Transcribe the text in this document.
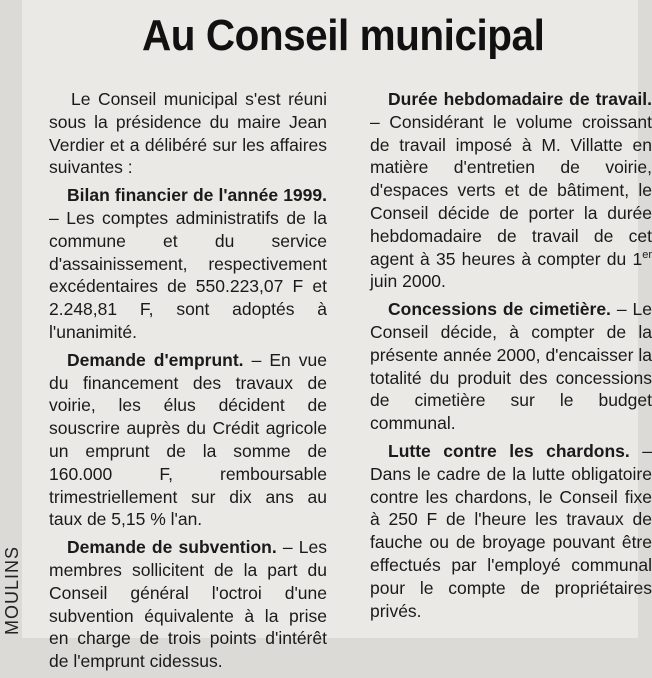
Au Conseil municipal

Le Conseil municipal s'est réuni sous la présidence du maire Jean Verdier et a délibéré sur les affaires suivantes :

Bilan financier de l'année 1999. – Les comptes administratifs de la commune et du service d'assainissement, respectivement excédentaires de 550.223,07 F et 2.248,81 F, sont adoptés à l'unanimité.

Demande d'emprunt. – En vue du financement des travaux de voirie, les élus décident de souscrire auprès du Crédit agricole un emprunt de la somme de 160.000 F, remboursable trimestriellement sur dix ans au taux de 5,15 % l'an.

Demande de subvention. – Les membres sollicitent de la part du Conseil général l'octroi d'une subvention équivalente à la prise en charge de trois points d'intérêt de l'emprunt cidessus.

Durée hebdomadaire de travail. – Considérant le volume croissant de travail imposé à M. Villatte en matière d'entretien de voirie, d'espaces verts et de bâtiment, le Conseil décide de porter la durée hebdomadaire de travail de cet agent à 35 heures à compter du 1er juin 2000.

Concessions de cimetière. – Le Conseil décide, à compter de la présente année 2000, d'encaisser la totalité du produit des concessions de cimetière sur le budget communal.

Lutte contre les chardons. – Dans le cadre de la lutte obligatoire contre les chardons, le Conseil fixe à 250 F de l'heure les travaux de fauche ou de broyage pouvant être effectués par l'employé communal pour le compte de propriétaires privés.

MOULINS
